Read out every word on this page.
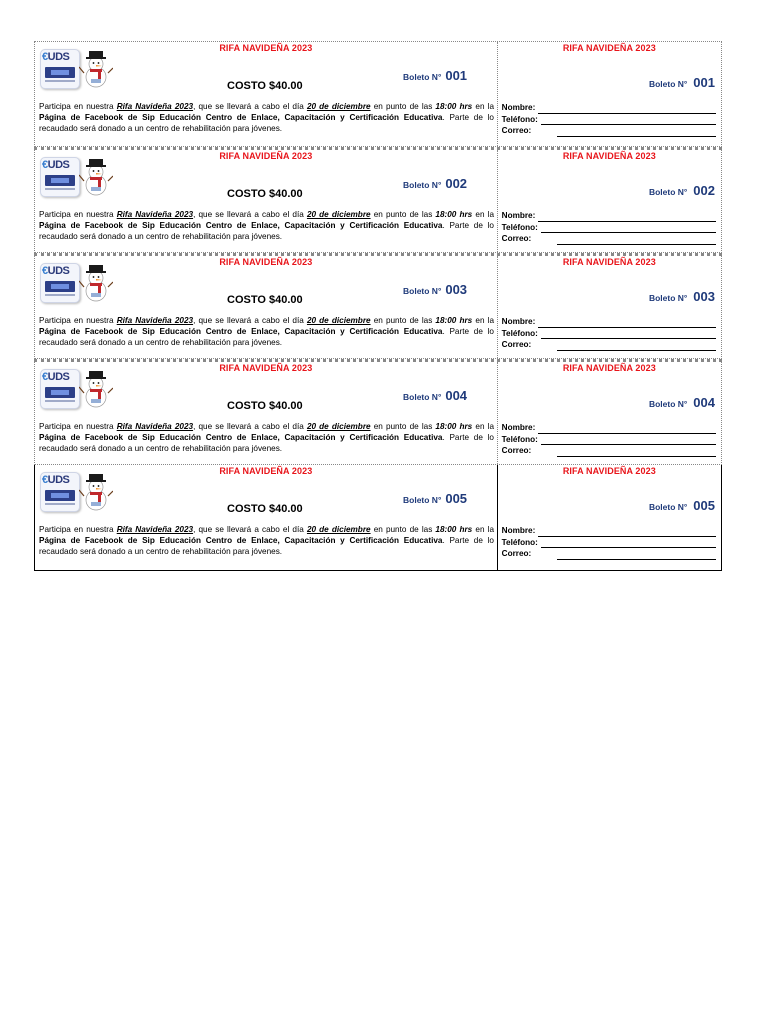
RIFA NAVIDEÑA 2023
€UDS
COSTO $40.00
Boleto N° 001
Participa en nuestra Rifa Navideña 2023, que se llevará a cabo el día 20 de diciembre en punto de las 18:00 hrs en la Página de Facebook de Sip Educación Centro de Enlace, Capacitación y Certificación Educativa. Parte de lo recaudado será donado a un centro de rehabilitación para jóvenes.
RIFA NAVIDEÑA 2023
Boleto N° 001
Nombre:
Teléfono:
Correo:
RIFA NAVIDEÑA 2023
€UDS
COSTO $40.00
Boleto N° 002
Participa en nuestra Rifa Navideña 2023, que se llevará a cabo el día 20 de diciembre en punto de las 18:00 hrs en la Página de Facebook de Sip Educación Centro de Enlace, Capacitación y Certificación Educativa. Parte de lo recaudado será donado a un centro de rehabilitación para jóvenes.
RIFA NAVIDEÑA 2023
Boleto N° 002
Nombre:
Teléfono:
Correo:
RIFA NAVIDEÑA 2023
€UDS
COSTO $40.00
Boleto N° 003
Participa en nuestra Rifa Navideña 2023, que se llevará a cabo el día 20 de diciembre en punto de las 18:00 hrs en la Página de Facebook de Sip Educación Centro de Enlace, Capacitación y Certificación Educativa. Parte de lo recaudado será donado a un centro de rehabilitación para jóvenes.
RIFA NAVIDEÑA 2023
Boleto N° 003
Nombre:
Teléfono:
Correo:
RIFA NAVIDEÑA 2023
€UDS
COSTO $40.00
Boleto N° 004
Participa en nuestra Rifa Navideña 2023, que se llevará a cabo el día 20 de diciembre en punto de las 18:00 hrs en la Página de Facebook de Sip Educación Centro de Enlace, Capacitación y Certificación Educativa. Parte de lo recaudado será donado a un centro de rehabilitación para jóvenes.
RIFA NAVIDEÑA 2023
Boleto N° 004
Nombre:
Teléfono:
Correo:
RIFA NAVIDEÑA 2023
€UDS
COSTO $40.00
Boleto N° 005
Participa en nuestra Rifa Navideña 2023, que se llevará a cabo el día 20 de diciembre en punto de las 18:00 hrs en la Página de Facebook de Sip Educación Centro de Enlace, Capacitación y Certificación Educativa. Parte de lo recaudado será donado a un centro de rehabilitación para jóvenes.
RIFA NAVIDEÑA 2023
Boleto N° 005
Nombre:
Teléfono:
Correo:
